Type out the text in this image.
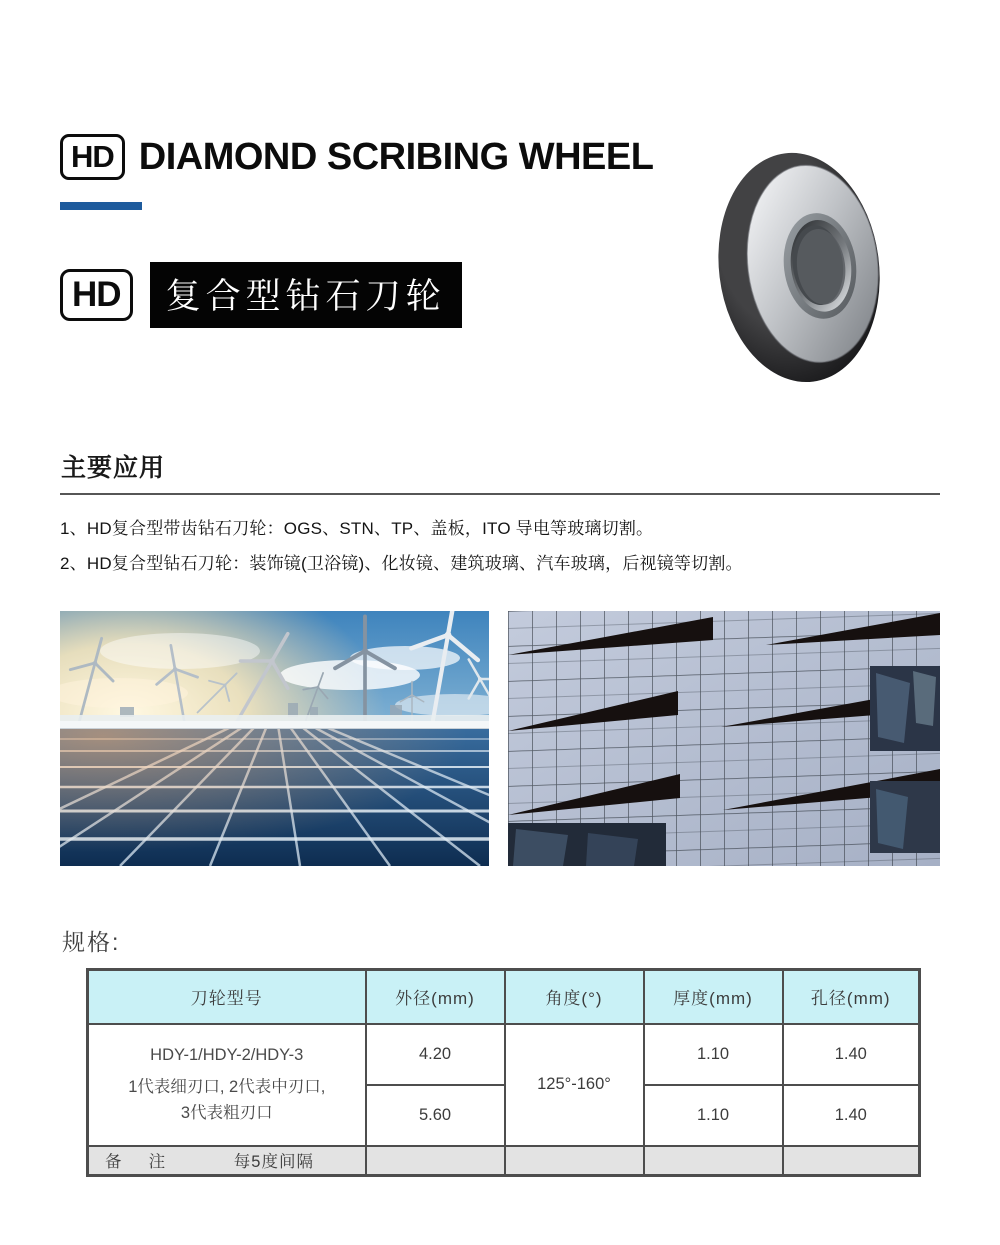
HD DIAMOND SCRIBING WHEEL
HD	复合型钻石刀轮
主要应用

1、HD复合型带齿钻石刀轮：OGS、STN、TP、盖板，ITO 导电等玻璃切割。

2、HD复合型钻石刀轮：装饰镜(卫浴镜)、化妆镜、建筑玻璃、汽车玻璃，后视镜等切割。

规格:
刀轮型号	外径(mm)	角度(°)	厚度(mm)	孔径(mm)

HDY-1/HDY-2/HDY-3
1代表细刃口, 2代表中刃口,
3代表粗刃口	4.20	125°-160°	1.10	1.40
	5.60		1.10	1.40
备  注 每5度间隔				
